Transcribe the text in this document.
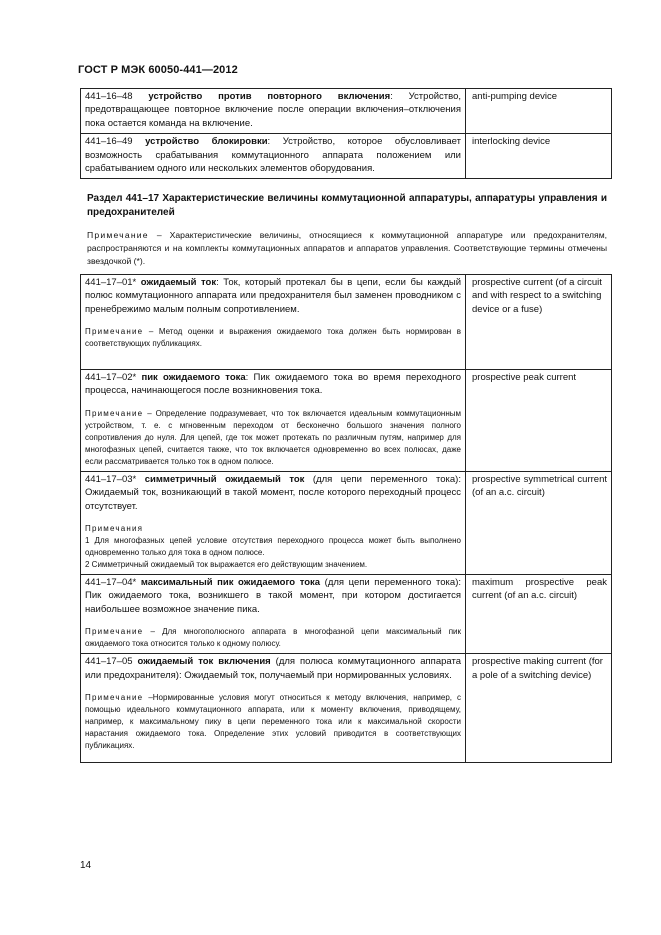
ГОСТ Р МЭК 60050-441—2012
441–16–48 устройство против повторного включения: Устройство, предотвращающее повторное включение после операции включения–отключения пока остается команда на включение.	anti-pumping device
441–16–49 устройство блокировки: Устройство, которое обусловливает возможность срабатывания коммутационного аппарата положением или срабатыванием одного или нескольких элементов оборудования.	interlocking device
Раздел 441–17 Характеристические величины коммутационной аппаратуры, аппаратуры управления и предохранителей
Примечание – Характеристические величины, относящиеся к коммутационной аппаратуре или предохранителям, распространяются и на комплекты коммутационных аппаратов и аппаратов управления. Соответствующие термины отмечены звездочкой (*).
441–17–01* ожидаемый ток: Ток, который протекал бы в цепи, если бы каждый полюс коммутационного аппарата или предохранителя был заменен проводником с пренебрежимо малым полным сопротивлением.
Примечание – Метод оценки и выражения ожидаемого тока должен быть нормирован в соответствующих публикациях.	prospective current (of a circuit and with respect to a switching device or a fuse)
441–17–02* пик ожидаемого тока: Пик ожидаемого тока во время переходного процесса, начинающегося после возникновения тока.
Примечание – Определение подразумевает, что ток включается идеальным коммутационным устройством, т. е. с мгновенным переходом от бесконечно большого значения полного сопротивления до нуля. Для цепей, где ток может протекать по различным путям, например для многофазных цепей, считается также, что ток включается одновременно во всех полюсах, даже если рассматривается только ток в одном полюсе.	prospective peak current
441–17–03* симметричный ожидаемый ток (для цепи переменного тока): Ожидаемый ток, возникающий в такой момент, после которого переходный процесс отсутствует.
Примечания
1 Для многофазных цепей условие отсутствия переходного процесса может быть выполнено одновременно только для тока в одном полюсе.
2 Симметричный ожидаемый ток выражается его действующим значением.	prospective symmetrical current (of an a.c. circuit)
441–17–04* максимальный пик ожидаемого тока (для цепи переменного тока): Пик ожидаемого тока, возникшего в такой момент, при котором достигается наибольшее возможное значение пика.
Примечание – Для многополюсного аппарата в многофазной цепи максимальный пик ожидаемого тока относится только к одному полюсу.	maximum prospective peak current (of an a.c. circuit)
441–17–05 ожидаемый ток включения (для полюса коммутационного аппарата или предохранителя): Ожидаемый ток, получаемый при нормированных условиях.
Примечание –Нормированные условия могут относиться к методу включения, например, с помощью идеального коммутационного аппарата, или к моменту включения, приводящему, например, к максимальному пику в цепи переменного тока или к максимальной скорости нарастания ожидаемого тока. Определение этих условий приводится в соответствующих публикациях.	prospective making current (for a pole of a switching device)
14
